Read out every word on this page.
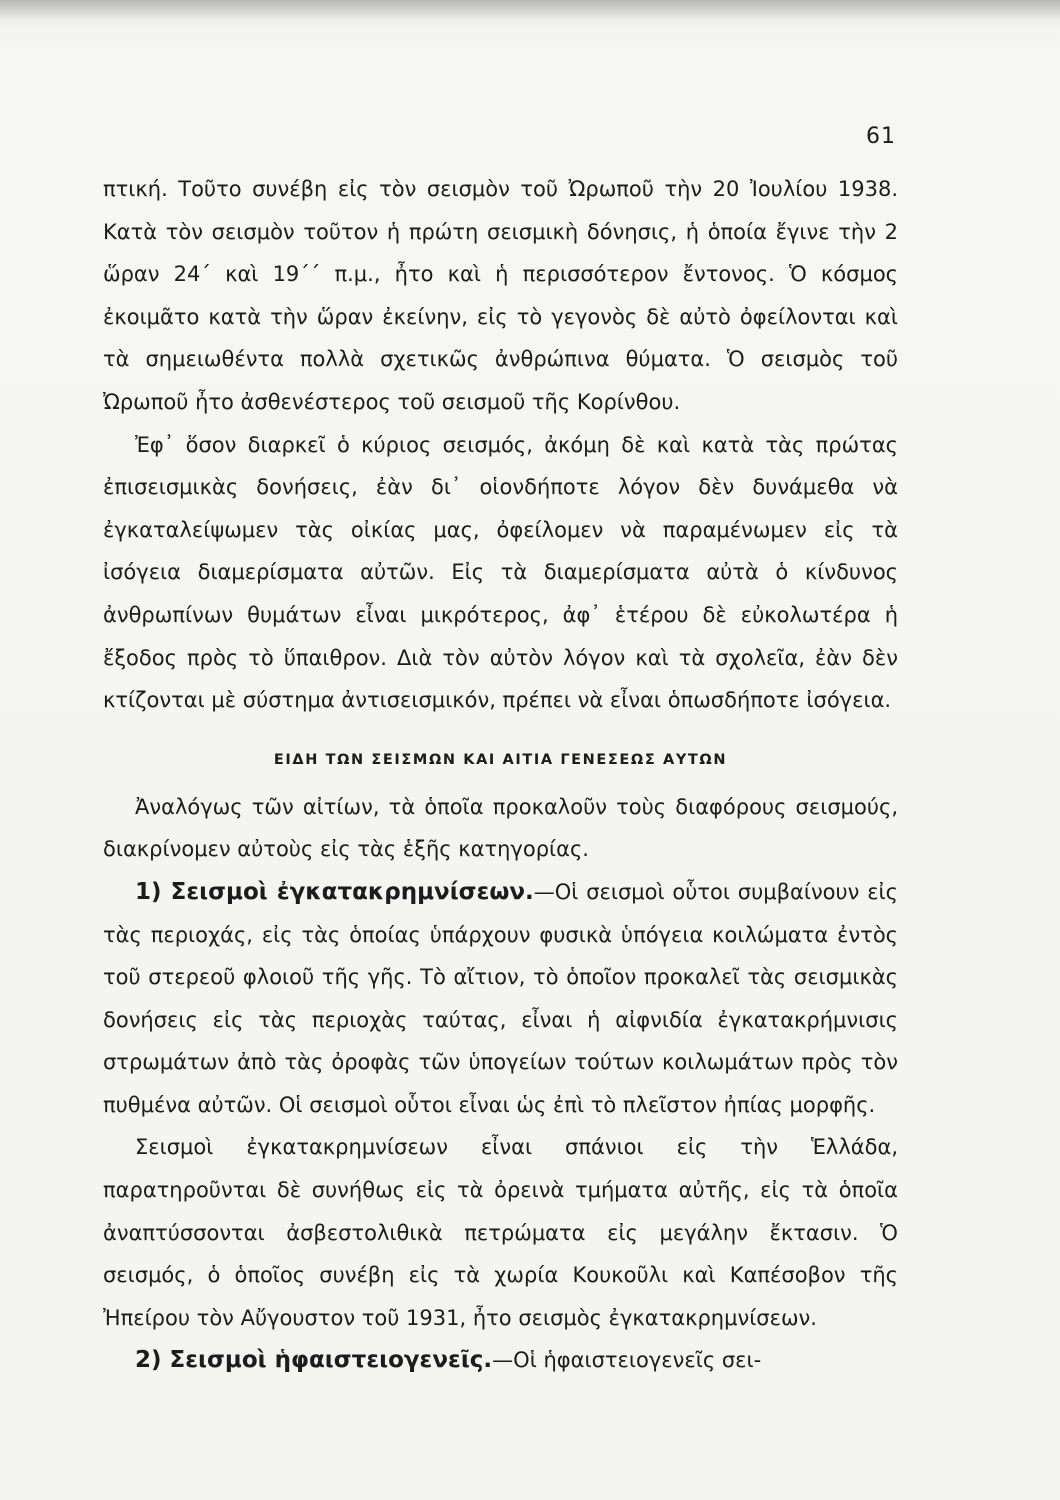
61

πτική. Τοῦτο συνέβη εἰς τὸν σεισμὸν τοῦ Ὠρωποῦ τὴν 20 Ἰουλίου 1938. Κατὰ τὸν σεισμὸν τοῦτον ἡ πρώτη σεισμικὴ δόνησις, ἡ ὁποία ἔγινε τὴν 2 ὥραν 24΄ καὶ 19΄΄ π.μ., ἦτο καὶ ἡ περισσότερον ἔντονος. Ὁ κόσμος ἐκοιμᾶτο κατὰ τὴν ὥραν ἐκείνην, εἰς τὸ γεγονὸς δὲ αὐτὸ ὀφείλονται καὶ τὰ σημειωθέντα πολλὰ σχετικῶς ἀνθρώπινα θύματα. Ὁ σεισμὸς τοῦ Ὠρωποῦ ἦτο ἀσθενέστερος τοῦ σεισμοῦ τῆς Κορίνθου.

Ἐφ᾽ ὅσον διαρκεῖ ὁ κύριος σεισμός, ἀκόμη δὲ καὶ κατὰ τὰς πρώτας ἐπισεισμικὰς δονήσεις, ἐὰν δι᾽ οἱονδήποτε λόγον δὲν δυνάμεθα νὰ ἐγκαταλείψωμεν τὰς οἰκίας μας, ὀφείλομεν νὰ παραμένωμεν εἰς τὰ ἰσόγεια διαμερίσματα αὐτῶν. Εἰς τὰ διαμερίσματα αὐτὰ ὁ κίνδυνος ἀνθρωπίνων θυμάτων εἶναι μικρότερος, ἀφ᾽ ἑτέρου δὲ εὐκολωτέρα ἡ ἔξοδος πρὸς τὸ ὕπαιθρον. Διὰ τὸν αὐτὸν λόγον καὶ τὰ σχολεῖα, ἐὰν δὲν κτίζονται μὲ σύστημα ἀντισεισμικόν, πρέπει νὰ εἶναι ὁπωσδήποτε ἰσόγεια.

ΕΙΔΗ ΤΩΝ ΣΕΙΣΜΩΝ ΚΑΙ ΑΙΤΙΑ ΓΕΝΕΣΕΩΣ ΑΥΤΩΝ

Ἀναλόγως τῶν αἰτίων, τὰ ὁποῖα προκαλοῦν τοὺς διαφόρους σεισμούς, διακρίνομεν αὐτοὺς εἰς τὰς ἑξῆς κατηγορίας.

1) Σεισμοὶ ἐγκατακρημνίσεων.—Οἱ σεισμοὶ οὗτοι συμβαίνουν εἰς τὰς περιοχάς, εἰς τὰς ὁποίας ὑπάρχουν φυσικὰ ὑπόγεια κοιλώματα ἐντὸς τοῦ στερεοῦ φλοιοῦ τῆς γῆς. Τὸ αἴτιον, τὸ ὁποῖον προκαλεῖ τὰς σεισμικὰς δονήσεις εἰς τὰς περιοχὰς ταύτας, εἶναι ἡ αἰφνιδία ἐγκατακρήμνισις στρωμάτων ἀπὸ τὰς ὀροφὰς τῶν ὑπογείων τούτων κοιλωμάτων πρὸς τὸν πυθμένα αὐτῶν. Οἱ σεισμοὶ οὗτοι εἶναι ὡς ἐπὶ τὸ πλεῖστον ἠπίας μορφῆς.

Σεισμοὶ ἐγκατακρημνίσεων εἶναι σπάνιοι εἰς τὴν Ἑλλάδα, παρατηροῦνται δὲ συνήθως εἰς τὰ ὀρεινὰ τμήματα αὐτῆς, εἰς τὰ ὁποῖα ἀναπτύσσονται ἀσβεστολιθικὰ πετρώματα εἰς μεγάλην ἔκτασιν. Ὁ σεισμός, ὁ ὁποῖος συνέβη εἰς τὰ χωρία Κουκοῦλι καὶ Καπέσοβον τῆς Ἠπείρου τὸν Αὔγουστον τοῦ 1931, ἦτο σεισμὸς ἐγκατακρημνίσεων.

2) Σεισμοὶ ἡφαιστειογενεῖς.—Οἱ ἡφαιστειογενεῖς σει-
